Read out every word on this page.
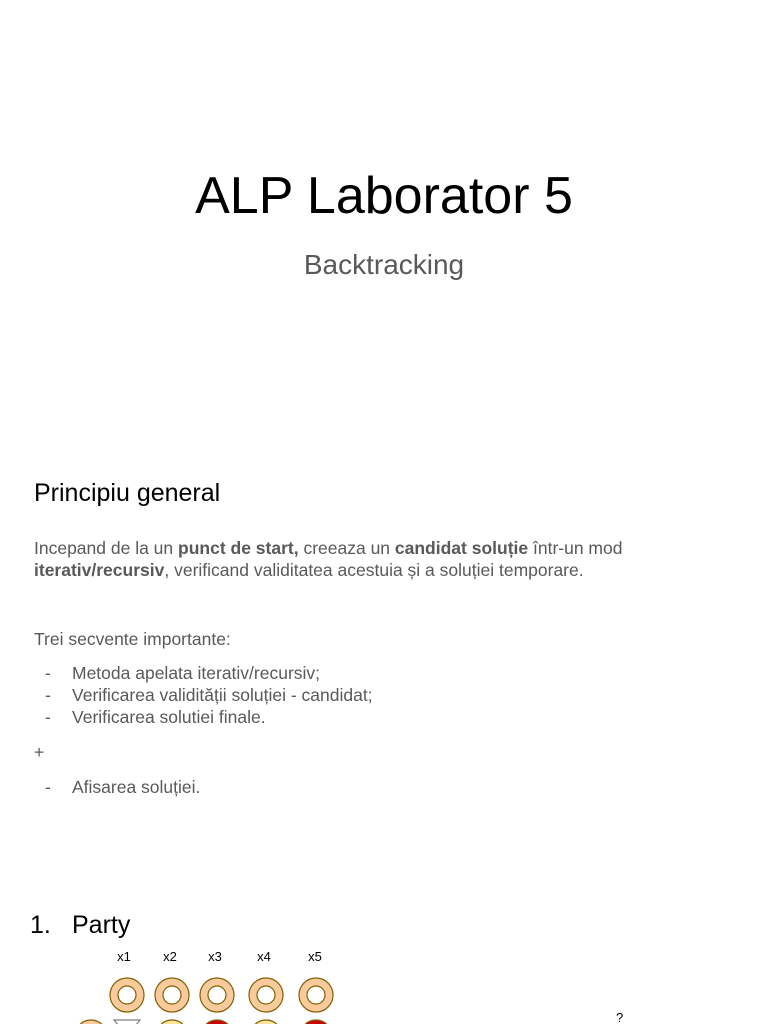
ALP Laborator 5
Backtracking
Principiu general
Incepand de la un punct de start, creeaza un candidat soluție într-un mod
iterativ/recursiv, verificand validitatea acestuia și a soluției temporare.
Trei secvente importante:
- Metoda apelata iterativ/recursiv;
- Verificarea validității soluției - candidat;
- Verificarea solutiei finale.
+
- Afisarea soluției.
1. Party
x1	x2	x3	x4	x5
?
